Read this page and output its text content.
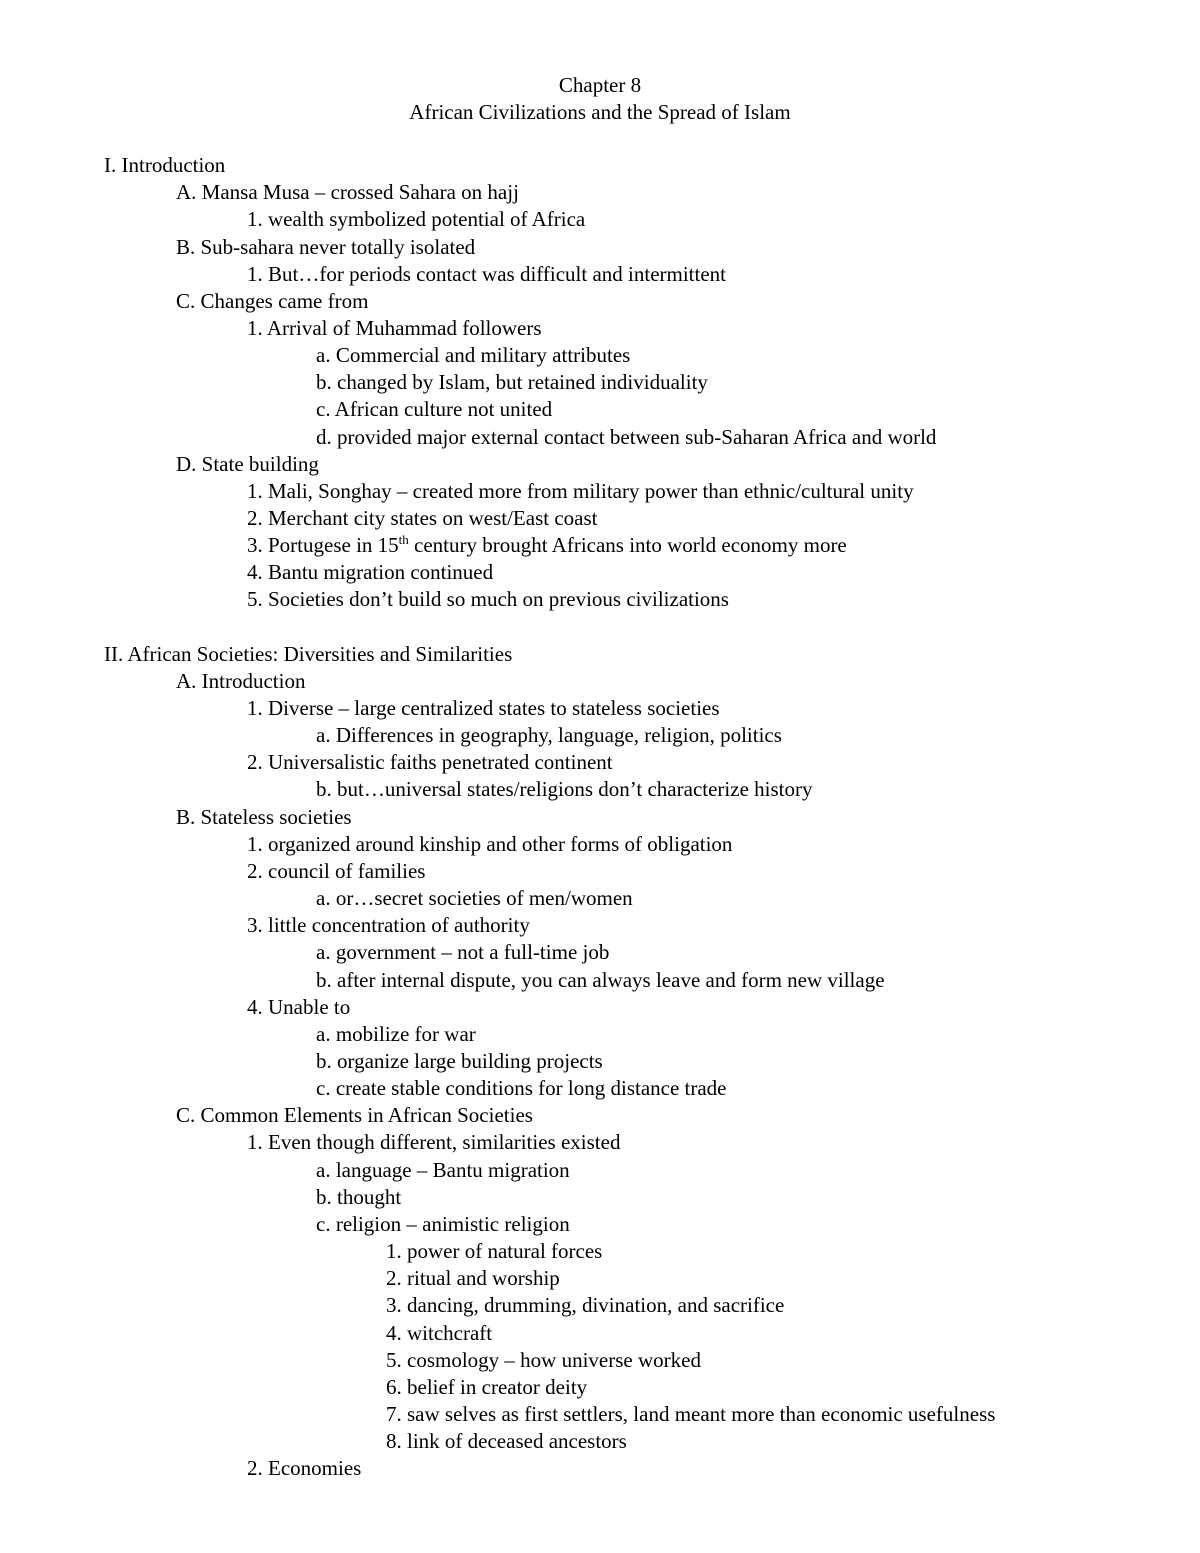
Chapter 8
African Civilizations and the Spread of Islam
I. Introduction
A. Mansa Musa – crossed Sahara on hajj
1. wealth symbolized potential of Africa
B. Sub-sahara never totally isolated
1. But…for periods contact was difficult and intermittent
C. Changes came from
1. Arrival of Muhammad followers
a. Commercial and military attributes
b. changed by Islam, but retained individuality
c. African culture not united
d. provided major external contact between sub-Saharan Africa and world
D. State building
1. Mali, Songhay – created more from military power than ethnic/cultural unity
2. Merchant city states on west/East coast
3. Portugese in 15th century brought Africans into world economy more
4. Bantu migration continued
5. Societies don’t build so much on previous civilizations
II. African Societies: Diversities and Similarities
A. Introduction
1. Diverse – large centralized states to stateless societies
a. Differences in geography, language, religion, politics
2. Universalistic faiths penetrated continent
b. but…universal states/religions don’t characterize history
B. Stateless societies
1. organized around kinship and other forms of obligation
2. council of families
a. or…secret societies of men/women
3. little concentration of authority
a. government – not a full-time job
b. after internal dispute, you can always leave and form new village
4. Unable to
a. mobilize for war
b. organize large building projects
c. create stable conditions for long distance trade
C. Common Elements in African Societies
1. Even though different, similarities existed
a. language – Bantu migration
b. thought
c. religion – animistic religion
1. power of natural forces
2. ritual and worship
3. dancing, drumming, divination, and sacrifice
4. witchcraft
5. cosmology – how universe worked
6. belief in creator deity
7. saw selves as first settlers, land meant more than economic usefulness
8. link of deceased ancestors
2. Economies
